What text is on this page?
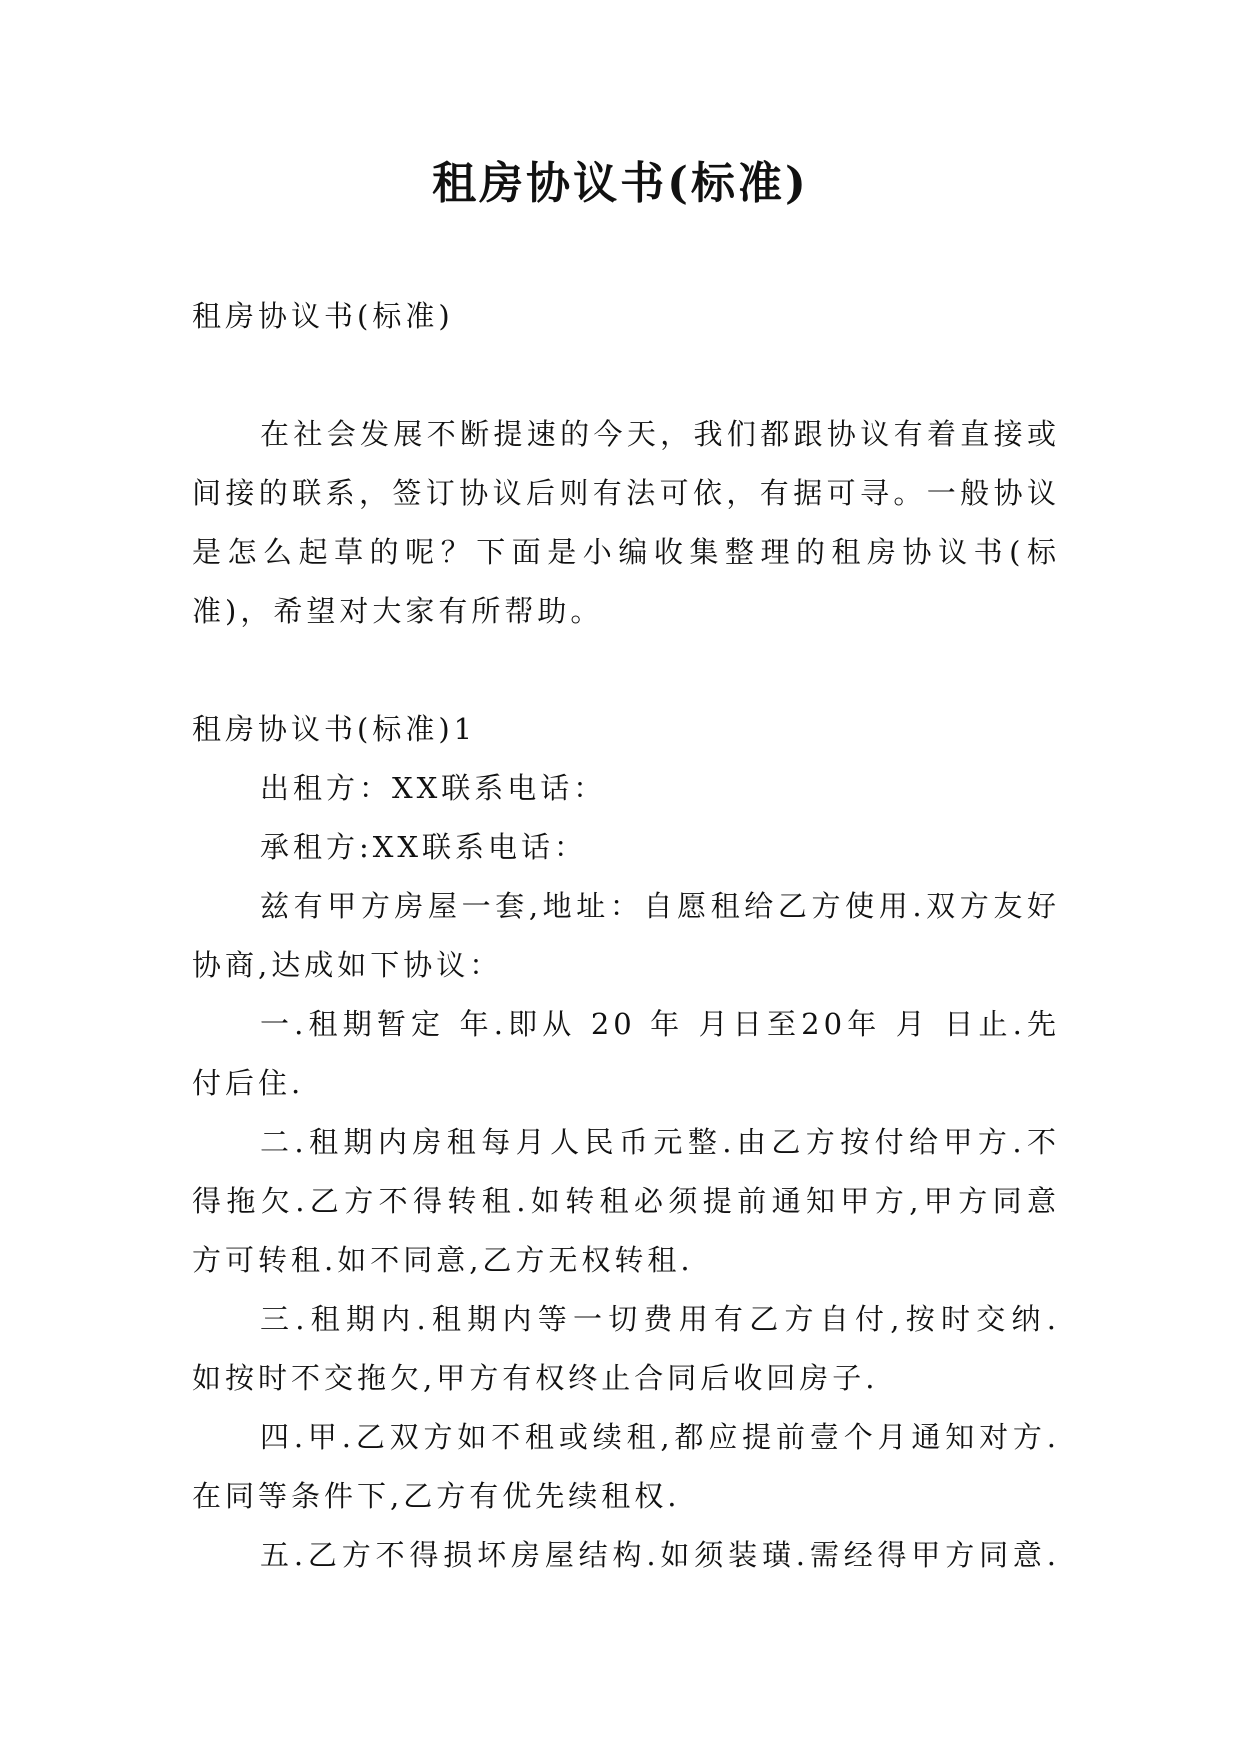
租房协议书(标准)
租房协议书(标准)
在社会发展不断提速的今天，我们都跟协议有着直接或
间接的联系，签订协议后则有法可依，有据可寻。一般协议
是怎么起草的呢？下面是小编收集整理的租房协议书(标
准)，希望对大家有所帮助。
租房协议书(标准)1
出租方：XX联系电话：
承租方:XX联系电话：
兹有甲方房屋一套,地址：自愿租给乙方使用.双方友好
协商,达成如下协议：
一.租期暂定 年.即从 20 年 月日至20年 月 日止.先
付后住.
二.租期内房租每月人民币元整.由乙方按付给甲方.不
得拖欠.乙方不得转租.如转租必须提前通知甲方,甲方同意
方可转租.如不同意,乙方无权转租.
三.租期内.租期内等一切费用有乙方自付,按时交纳.
如按时不交拖欠,甲方有权终止合同后收回房子.
四.甲.乙双方如不租或续租,都应提前壹个月通知对方.
在同等条件下,乙方有优先续租权.
五.乙方不得损坏房屋结构.如须装璜.需经得甲方同意.
